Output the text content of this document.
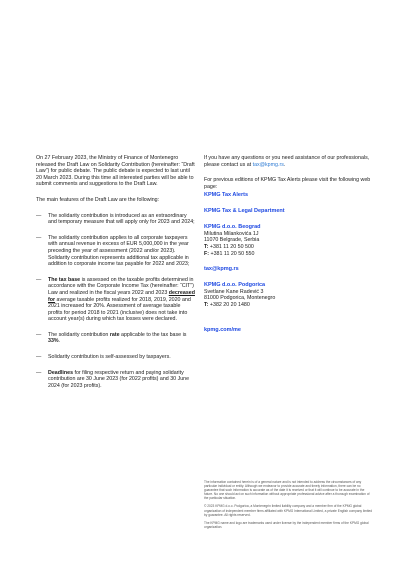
On 27 February 2023, the Ministry of Finance of Montenegro released the Draft Law on Solidarity Contribution (hereinafter: “Draft Law”) for public debate. The public debate is expected to last until 20 March 2023. During this time all interested parties will be able to submit comments and suggestions to the Draft Law.

The main features of the Draft Law are the following:

—	The solidarity contribution is introduced as an extraordinary and temporary measure that will apply only for 2023 and 2024;
—	The solidarity contribution applies to all corporate taxpayers with annual revenue in excess of EUR 5,000,000 in the year preceding the year of assessment (2022 and/or 2023). Solidarity contribution represents additional tax applicable in addition to corporate income tax payable for 2022 and 2023;
—	The tax base is assessed on the taxable profits determined in accordance with the Corporate Income Tax (hereinafter: “CIT”) Law and realized in the fiscal years 2022 and 2023 decreased for average taxable profits realized for 2018, 2019, 2020 and 2021 increased for 20%. Assessment of average taxable profits for period 2018 to 2021 (inclusive) does not take into account year(s) during which tax losses were declared.
—	The solidarity contribution rate applicable to the tax base is 33%.
—	Solidarity contribution is self-assessed by taxpayers.
—	Deadlines for filing respective return and paying solidarity contribution are 30 June 2023 (for 2022 profits) and 30 June 2024 (for 2023 profits).

If you have any questions or you need assistance of our professionals, please contact us at tax@kpmg.rs.

For previous editions of KPMG Tax Alerts please visit the following web page:

KPMG Tax Alerts

KPMG Tax & Legal Department

KPMG d.o.o. Beograd

Milutina Milankovića 1J

11070 Belgrade, Serbia

T: +381 11 20 50 500

F: +381 11 20 50 550

tax@kpmg.rs

KPMG d.o.o. Podgorica

Svetlane Kane Radević 3

81000 Podgorica, Montenegro

T: +382 20 20 1480

kpmg.com/me

The information contained herein is of a general nature and is not intended to address the circumstances of any particular individual or entity. Although we endeavor to provide accurate and timely information, there can be no guarantee that such information is accurate as of the date it is received or that it will continue to be accurate in the future. No one should act on such information without appropriate professional advice after a thorough examination of the particular situation.

© 2023 KPMG d.o.o. Podgorica, a Montenegrin limited liability company and a member firm of the KPMG global organization of independent member firms affiliated with KPMG International Limited, a private English company limited by guarantee. All rights reserved.

The KPMG name and logo are trademarks used under license by the independent member firms of the KPMG global organization.
